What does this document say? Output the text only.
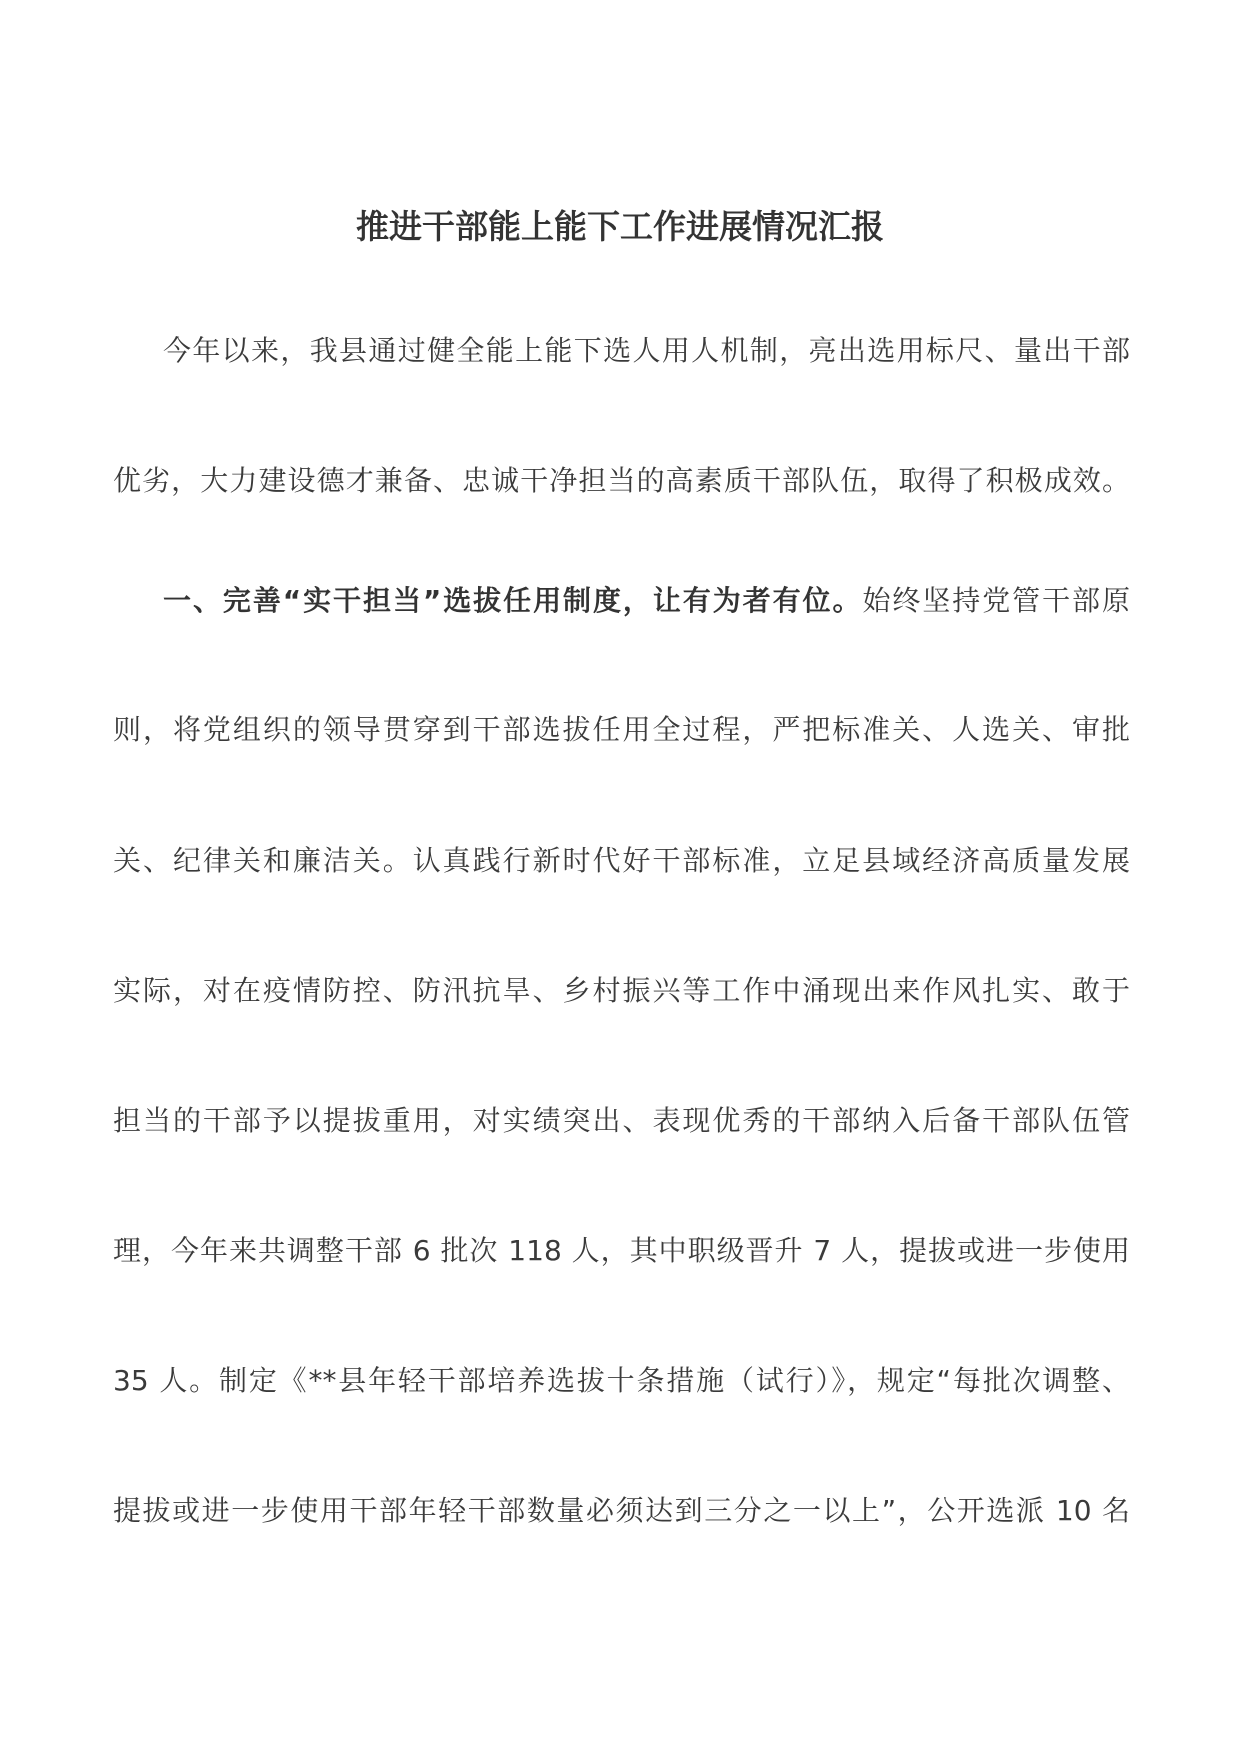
推进干部能上能下工作进展情况汇报
今年以来，我县通过健全能上能下选人用人机制，亮出选用标尺、量出干部
优劣，大力建设德才兼备、忠诚干净担当的高素质干部队伍，取得了积极成效。
一、完善“实干担当”选拔任用制度，让有为者有位。始终坚持党管干部原
则，将党组织的领导贯穿到干部选拔任用全过程，严把标准关、人选关、审批
关、纪律关和廉洁关。认真践行新时代好干部标准，立足县域经济高质量发展
实际，对在疫情防控、防汛抗旱、乡村振兴等工作中涌现出来作风扎实、敢于
担当的干部予以提拔重用，对实绩突出、表现优秀的干部纳入后备干部队伍管
理，今年来共调整干部 6 批次 118 人，其中职级晋升 7 人，提拔或进一步使用
35 人。制定《**县年轻干部培养选拔十条措施（试行）》，规定“每批次调整、
提拔或进一步使用干部年轻干部数量必须达到三分之一以上”，公开选派 10 名
